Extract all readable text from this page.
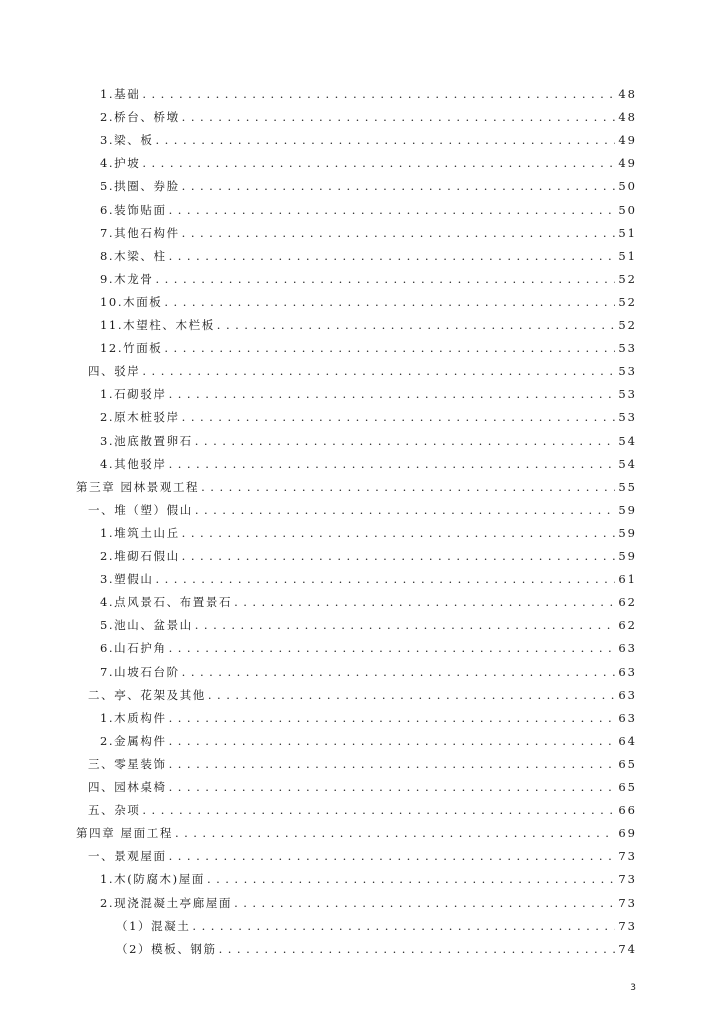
1.基础 .....	48
2.桥台、桥墩 .....	48
3.梁、板 .....	49
4.护坡 .....	49
5.拱圈、券脸 .....	50
6.装饰贴面 .....	50
7.其他石构件 .....	51
8.木梁、柱 .....	51
9.木龙骨 .....	52
10.木面板 .....	52
11.木望柱、木栏板 .....	52
12.竹面板 .....	53
四、驳岸 .....	53
1.石砌驳岸 .....	53
2.原木桩驳岸 .....	53
3.池底散置卵石 .....	54
4.其他驳岸 .....	54
第三章 园林景观工程 .....	55
一、堆（塑）假山 .....	59
1.堆筑土山丘 .....	59
2.堆砌石假山 .....	59
3.塑假山 .....	61
4.点风景石、布置景石 .....	62
5.池山、盆景山 .....	62
6.山石护角 .....	63
7.山坡石台阶 .....	63
二、亭、花架及其他 .....	63
1.木质构件 .....	63
2.金属构件 .....	64
三、零星装饰 .....	65
四、园林桌椅 .....	65
五、杂项 .....	66
第四章 屋面工程 .....	69
一、景观屋面 .....	73
1.木(防腐木)屋面 .....	73
2.现浇混凝土亭廊屋面 .....	73
（1）混凝土 .....	73
（2）模板、钢筋 .....	74
3
